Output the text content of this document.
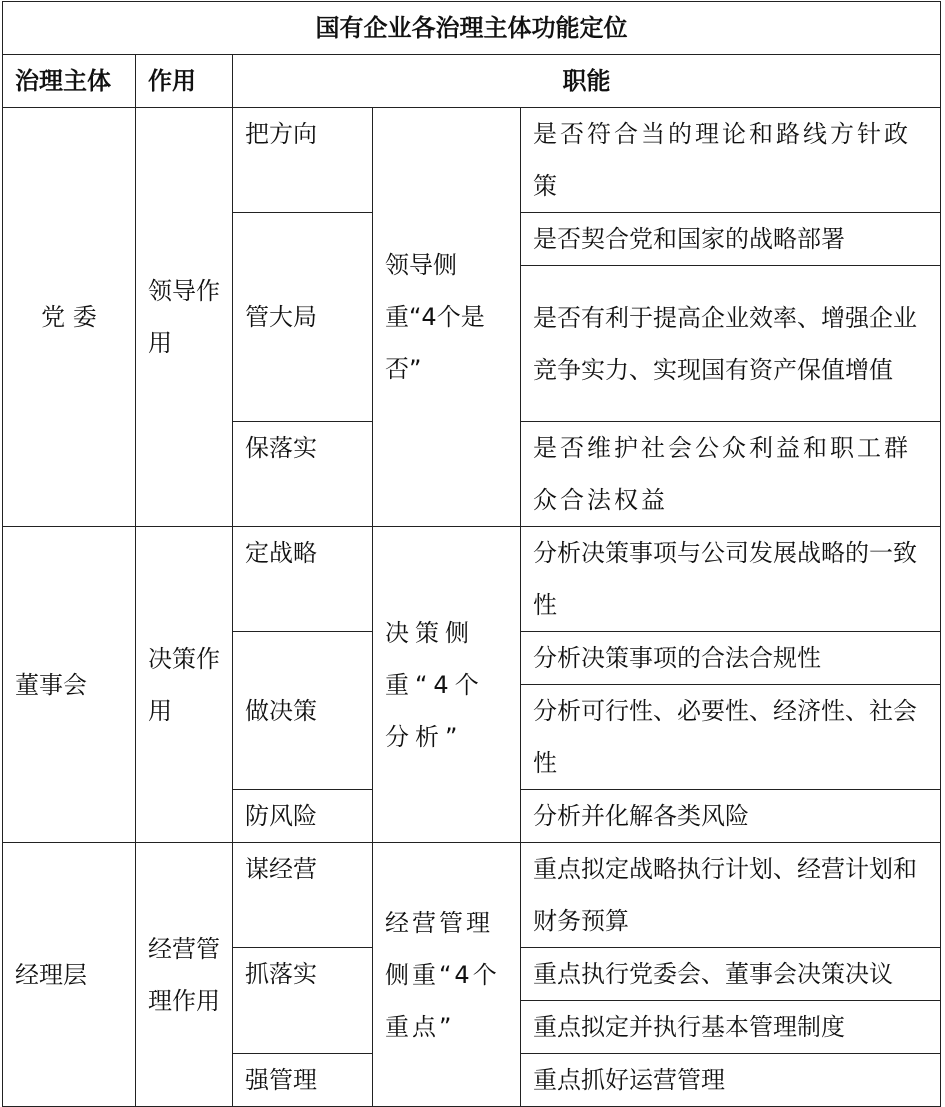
国有企业各治理主体功能定位				
治理主体	作用	职能		
党 委	领导作用	把方向	领导侧重“4个是否”	是否符合当的理论和路线方针政策
		管大局		是否契合党和国家的战略部署
				是否有利于提高企业效率、增强企业竞争实力、实现国有资产保值增值

		保落实		是否维护社会公众利益和职工群众合法权益
董事会	决策作用	定战略	决策侧重“4个分析”	分析决策事项与公司发展战略的一致性
		做决策		分析决策事项的合法合规性
				分析可行性、必要性、经济性、社会性
		防风险		分析并化解各类风险
经理层	经营管理作用	谋经营	经营管理侧重“4个重点”	重点拟定战略执行计划、经营计划和财务预算
		抓落实		重点执行党委会、董事会决策决议
				重点拟定并执行基本管理制度
		强管理		重点抓好运营管理
